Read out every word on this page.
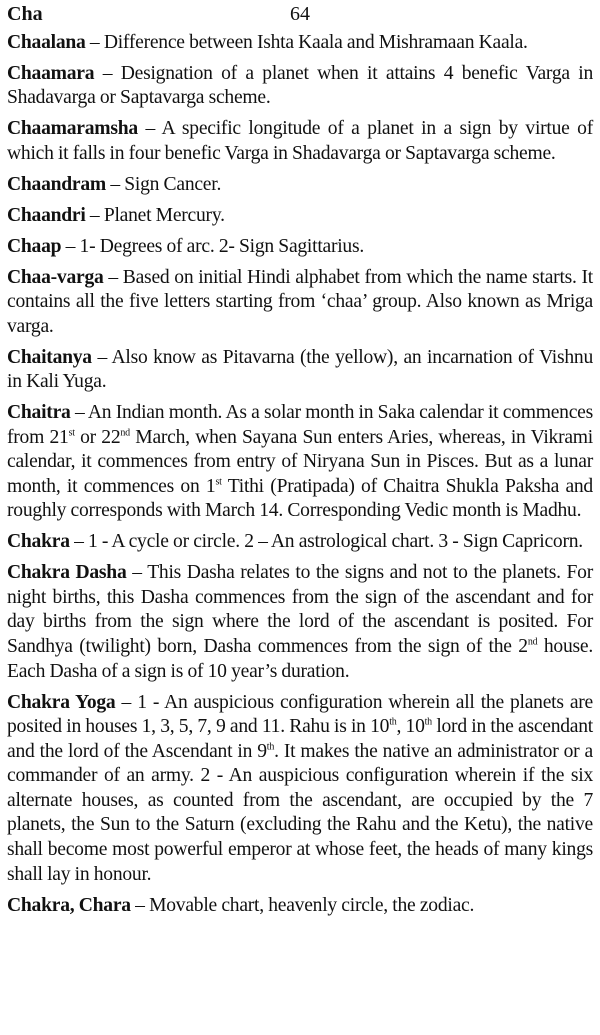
Cha	64

Chaalana – Difference between Ishta Kaala and Mishramaan Kaala.

Chaamara – Designation of a planet when it attains 4 benefic Varga in Shadavarga or Saptavarga scheme.

Chaamaramsha – A specific longitude of a planet in a sign by virtue of which it falls in four benefic Varga in Shadavarga or Saptavarga scheme.

Chaandram – Sign Cancer.

Chaandri – Planet Mercury.

Chaap – 1- Degrees of arc. 2- Sign Sagittarius.

Chaa-varga – Based on initial Hindi alphabet from which the name starts. It contains all the five letters starting from ‘chaa’ group. Also known as Mriga varga.

Chaitanya – Also know as Pitavarna (the yellow), an incarnation of Vishnu in Kali Yuga.

Chaitra – An Indian month. As a solar month in Saka calendar it commences from 21st or 22nd March, when Sayana Sun enters Aries, whereas, in Vikrami calendar, it commences from entry of Niryana Sun in Pisces. But as a lunar month, it commences on 1st Tithi (Pratipada) of Chaitra Shukla Paksha and roughly corresponds with March 14. Corresponding Vedic month is Madhu.

Chakra – 1 - A cycle or circle. 2 – An astrological chart. 3 - Sign Capricorn.

Chakra Dasha – This Dasha relates to the signs and not to the planets. For night births, this Dasha commences from the sign of the ascendant and for day births from the sign where the lord of the ascendant is posited. For Sandhya (twilight) born, Dasha commences from the sign of the 2nd house. Each Dasha of a sign is of 10 year’s duration.

Chakra Yoga – 1 - An auspicious configuration wherein all the planets are posited in houses 1, 3, 5, 7, 9 and 11. Rahu is in 10th, 10th lord in the ascendant and the lord of the Ascendant in 9th. It makes the native an administrator or a commander of an army. 2 - An auspicious configuration wherein if the six alternate houses, as counted from the ascendant, are occupied by the 7 planets, the Sun to the Saturn (excluding the Rahu and the Ketu), the native shall become most powerful emperor at whose feet, the heads of many kings shall lay in honour.

Chakra, Chara – Movable chart, heavenly circle, the zodiac.
